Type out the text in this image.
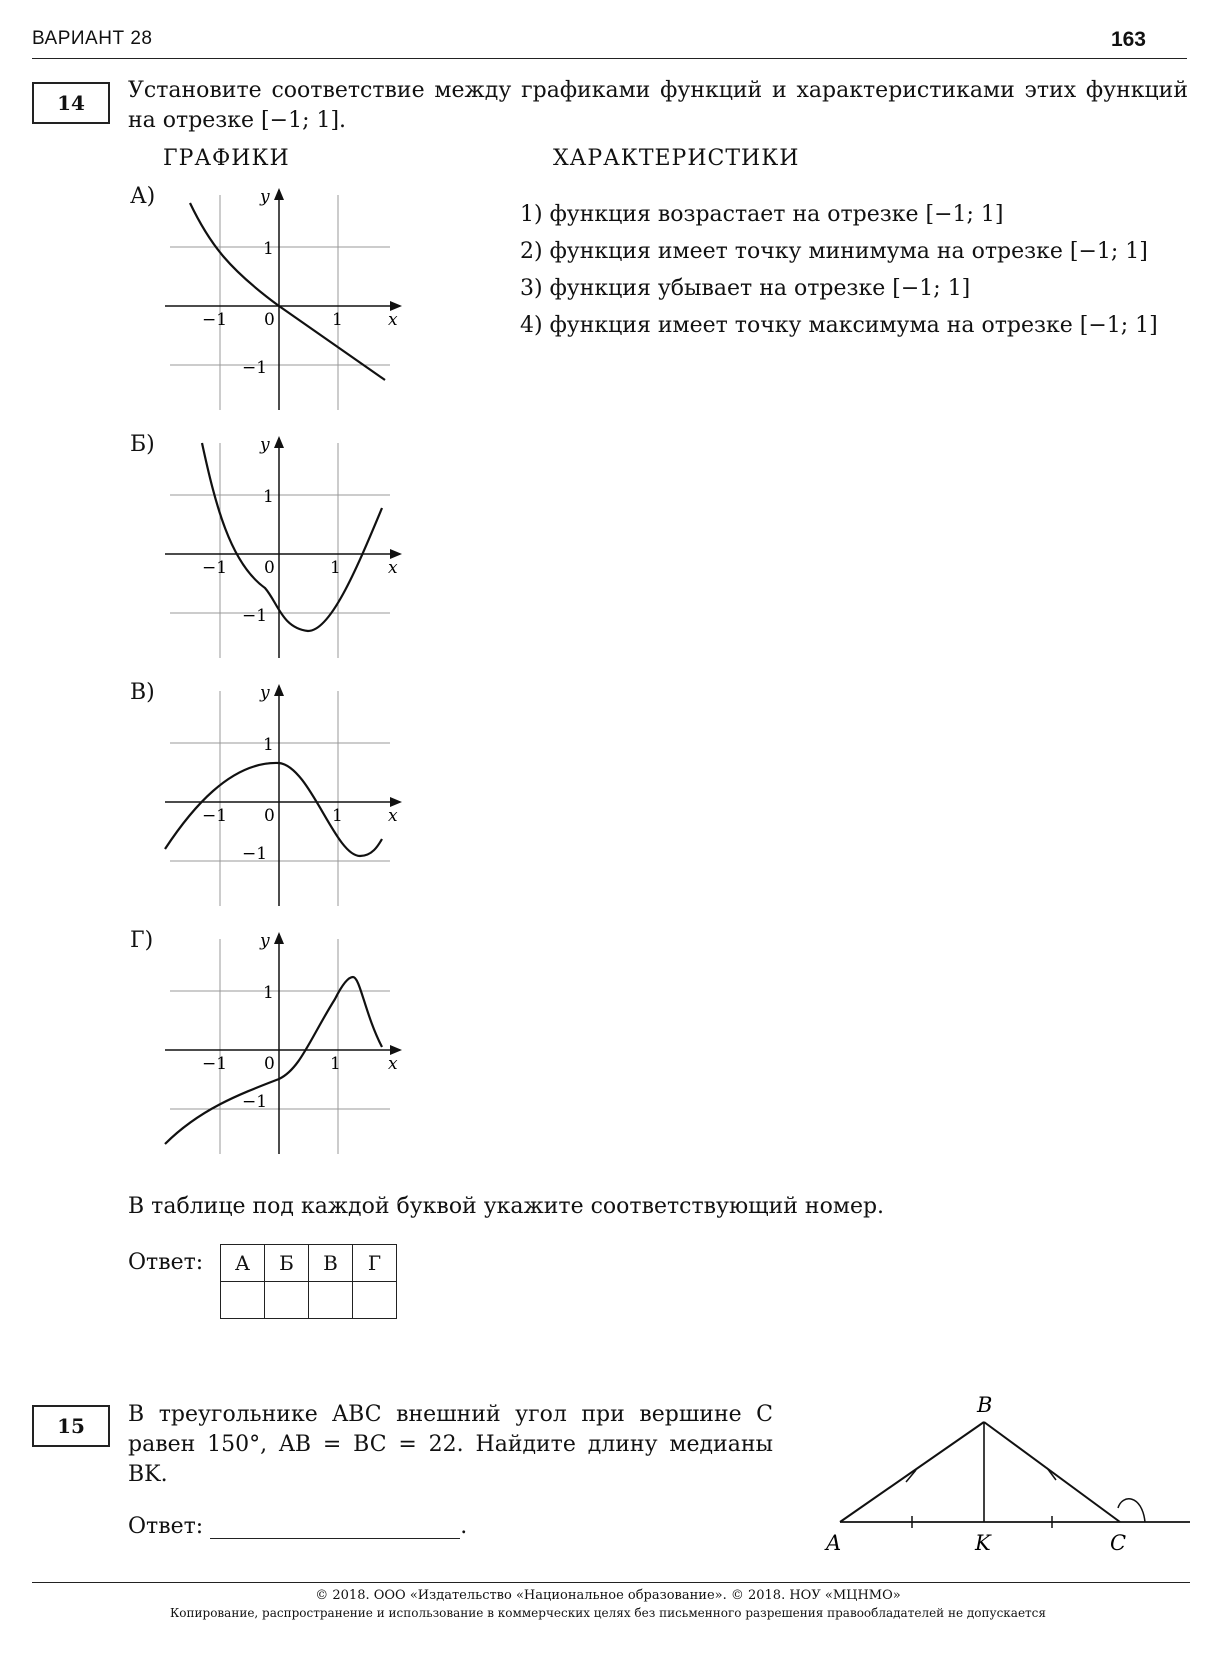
ВАРИАНТ 28	163
14	Установите соответствие между графиками функций и характеристиками этих функций на отрезке [−1; 1].
ГРАФИКИ	ХАРАКТЕРИСТИКИ
А)
Б)
В)
Г)
y
x
1
−1
−1 0	1
y
x
1
−1
−1 0	1
y
x
1
−1
−1 0	1
y
x
1
−1
−1 0	1
1) функция возрастает на отрезке [−1; 1]
2) функция имеет точку минимума на отрезке [−1; 1]
3) функция убывает на отрезке [−1; 1]
4) функция имеет точку максимума на отрезке [−1; 1]
В таблице под каждой буквой укажите соответствующий номер.
Ответ: А	Б	В	Г

15	В треугольнике ABC внешний угол при вершине C равен 150°, AB = BC = 22. Найдите длину медианы BK.
Ответ:	.
B
A	K	C
© 2018. ООО «Издательство «Национальное образование». © 2018. НОУ «МЦНМО»
Копирование, распространение и использование в коммерческих целях без письменного разрешения правообладателей не допускается
